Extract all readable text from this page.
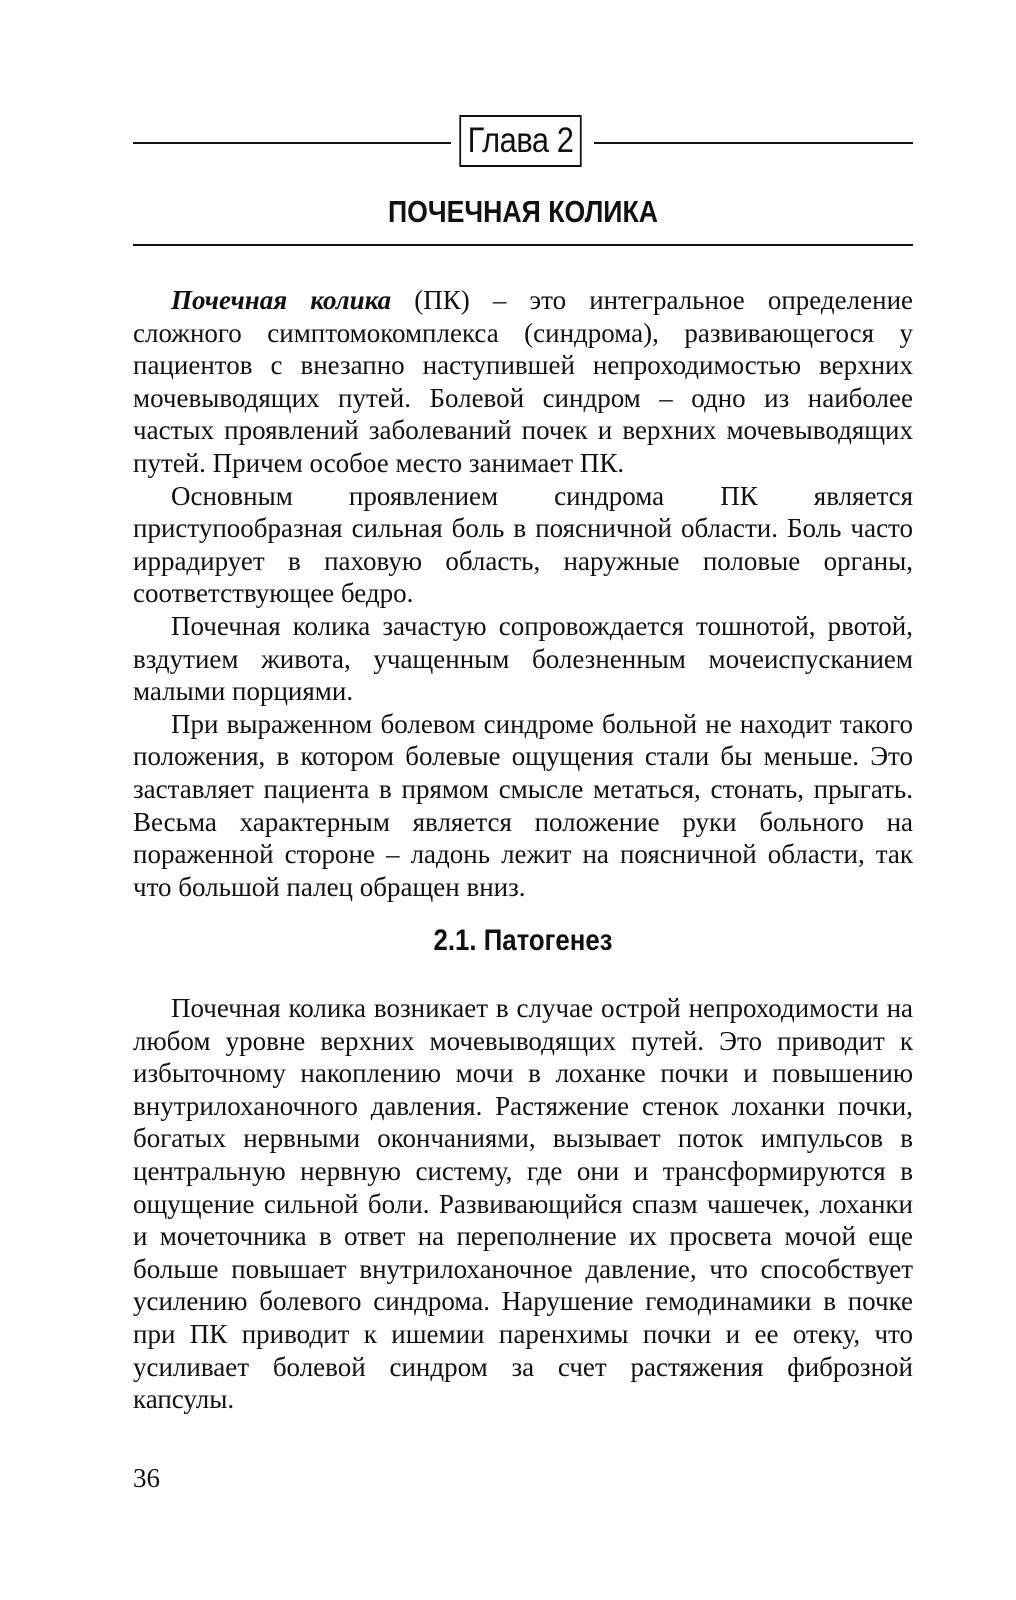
Глава 2
ПОЧЕЧНАЯ КОЛИКА

Почечная колика (ПК) – это интегральное определение сложного симптомокомплекса (синдрома), развивающегося у пациентов с внезапно наступившей непроходимостью верхних мочевыводящих путей. Болевой синдром – одно из наиболее частых проявлений заболеваний почек и верхних мочевыводящих путей. Причем особое место занимает ПК.

Основным проявлением синдрома ПК является приступообразная сильная боль в поясничной области. Боль часто иррадирует в паховую область, наружные половые органы, соответствующее бедро.

Почечная колика зачастую сопровождается тошнотой, рвотой, вздутием живота, учащенным болезненным мочеиспусканием малыми порциями.

При выраженном болевом синдроме больной не находит такого положения, в котором болевые ощущения стали бы меньше. Это заставляет пациента в прямом смысле метаться, стонать, прыгать. Весьма характерным является положение руки больного на пораженной стороне – ладонь лежит на поясничной области, так что большой палец обращен вниз.

2.1. Патогенез

Почечная колика возникает в случае острой непроходимости на любом уровне верхних мочевыводящих путей. Это приводит к избыточному накоплению мочи в лоханке почки и повышению внутрилоханочного давления. Растяжение стенок лоханки почки, богатых нервными окончаниями, вызывает поток импульсов в центральную нервную систему, где они и трансформируются в ощущение сильной боли. Развивающийся спазм чашечек, лоханки и мочеточника в ответ на переполнение их просвета мочой еще больше повышает внутрилоханочное давление, что способствует усилению болевого синдрома. Нарушение гемодинамики в почке при ПК приводит к ишемии паренхимы почки и ее отеку, что усиливает болевой синдром за счет растяжения фиброзной капсулы.

36
